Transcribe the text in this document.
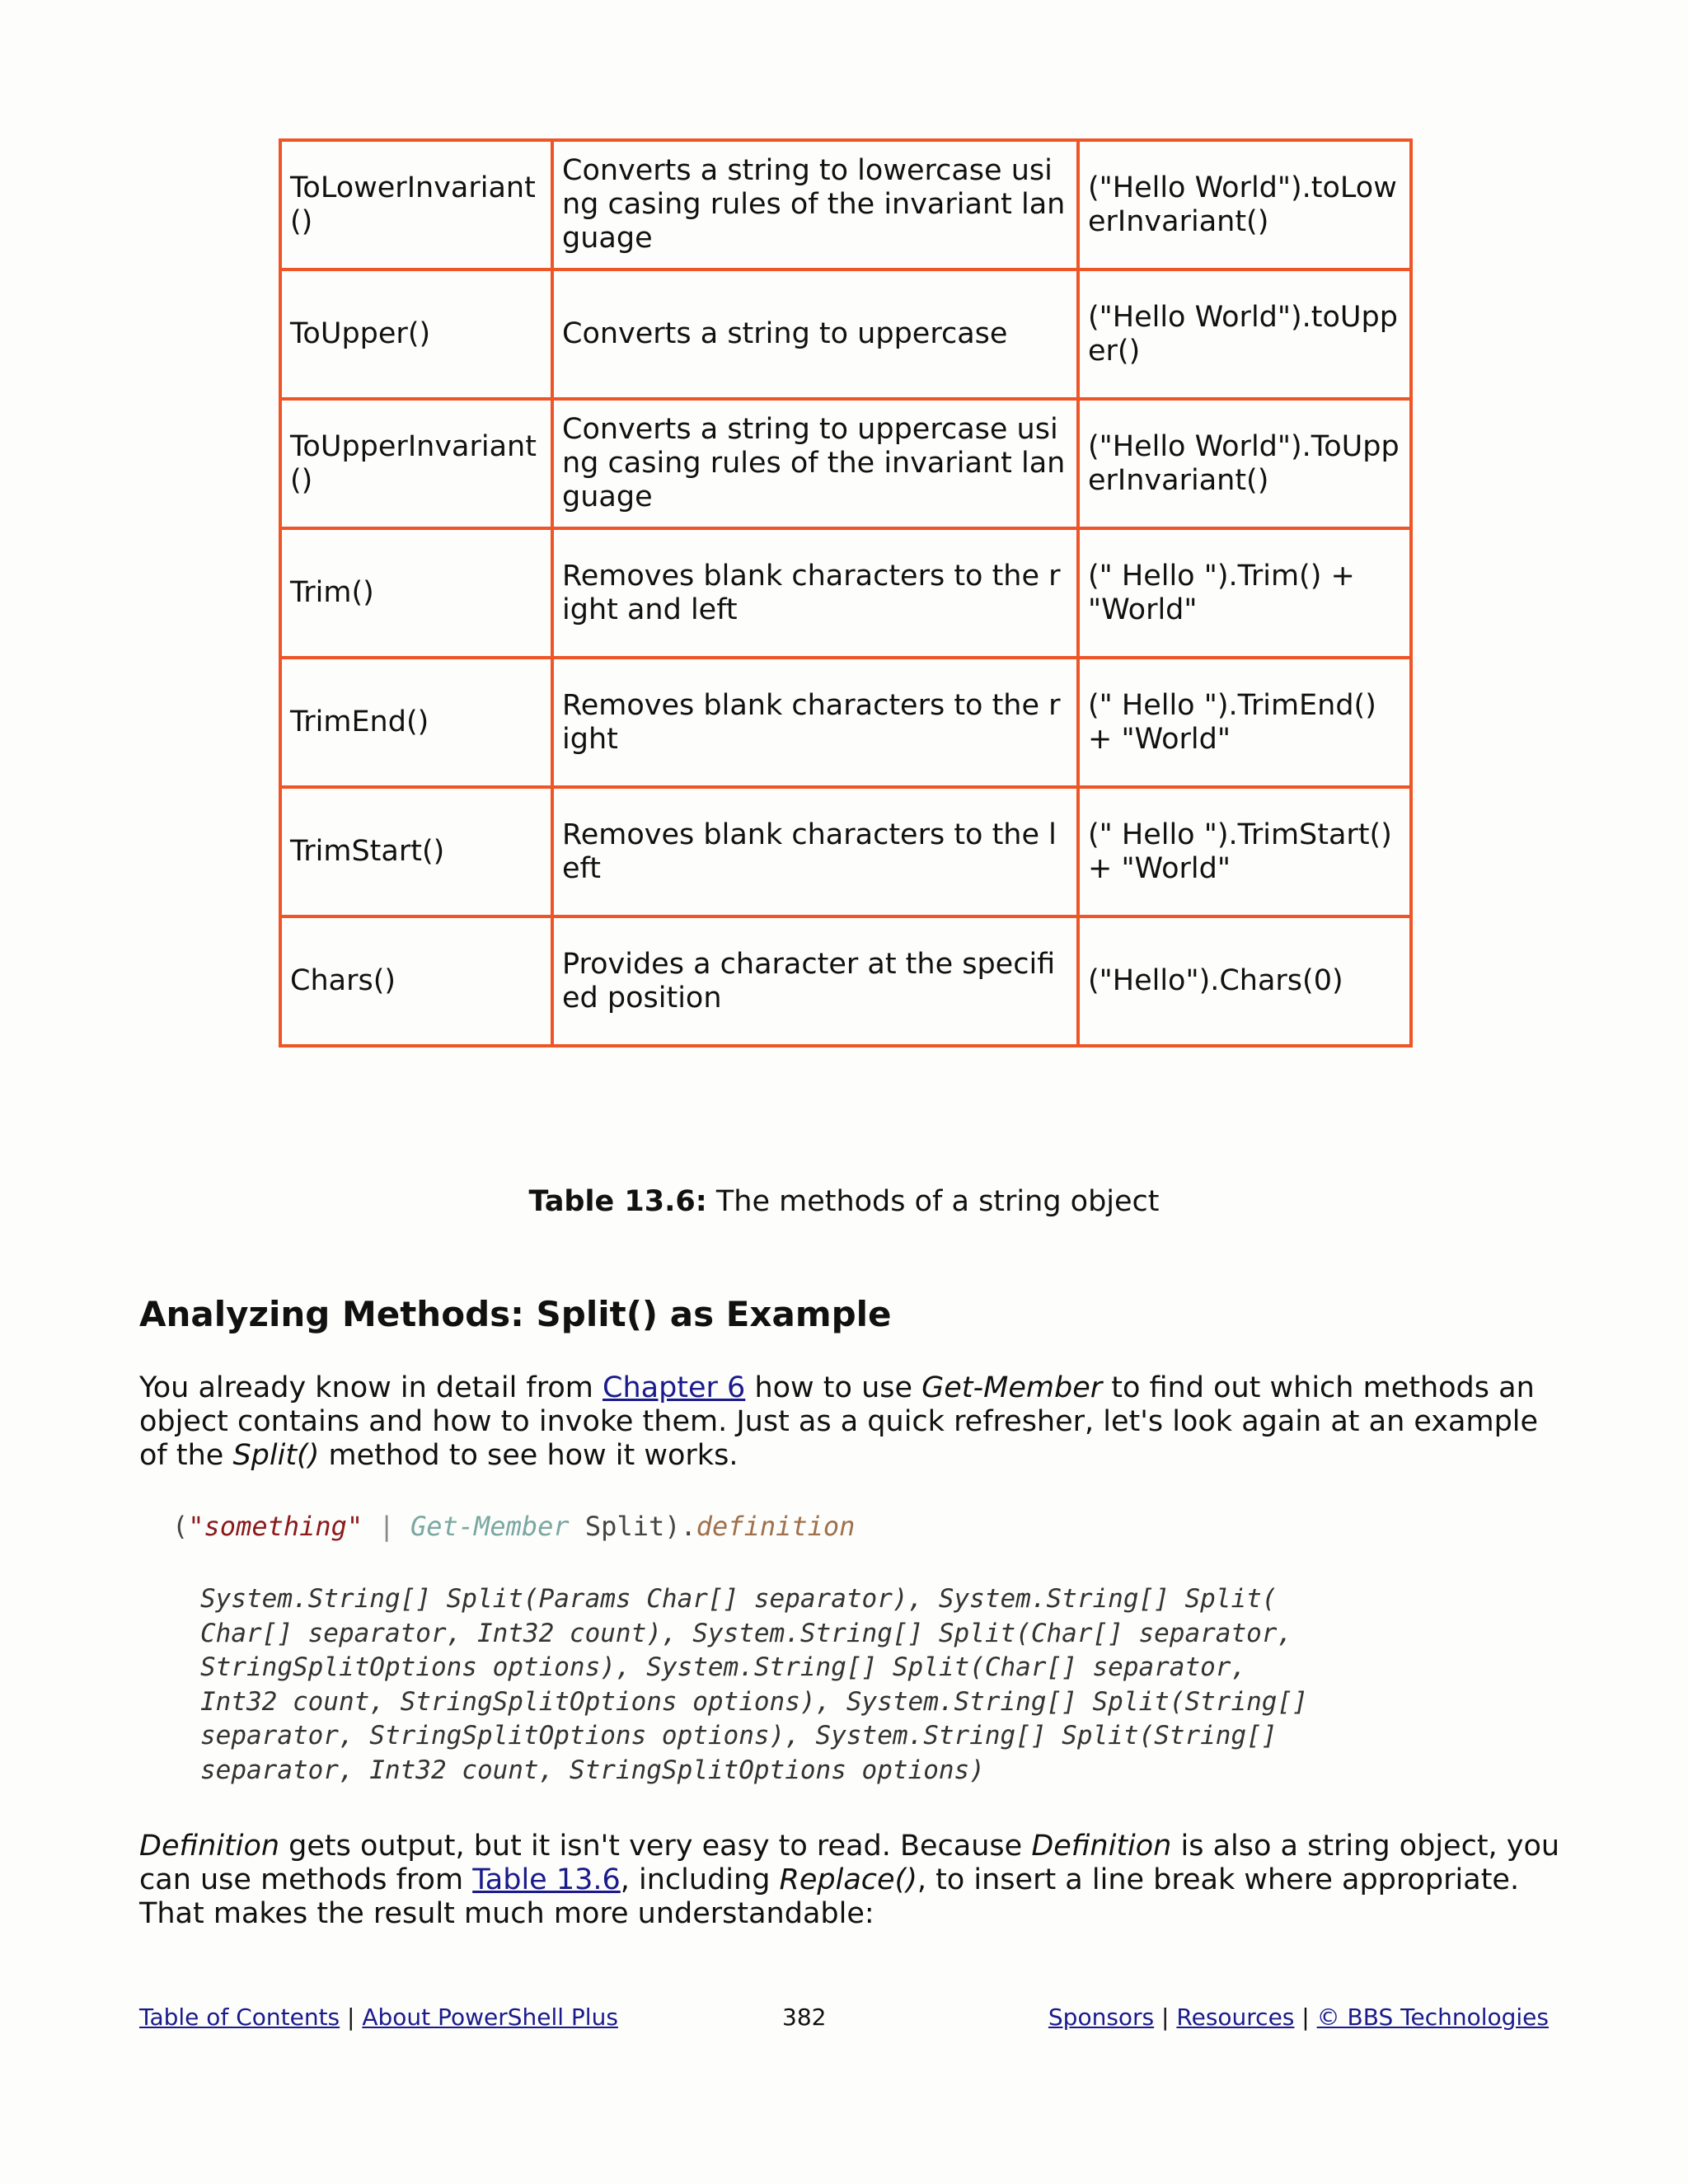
ToLowerInvariant ()	Converts a string to lowercase using casing rules of the invariant language	("Hello World").toLowerInvariant()
ToUpper()	Converts a string to uppercase	("Hello World").toUpper()
ToUpperInvariant ()	Converts a string to uppercase using casing rules of the invariant language	("Hello World").ToUpperInvariant()
Trim()	Removes blank characters to the right and left	(" Hello ").Trim() + "World"
TrimEnd()	Removes blank characters to the right	(" Hello ").TrimEnd() + "World"
TrimStart()	Removes blank characters to the left	(" Hello ").TrimStart() + "World"
Chars()	Provides a character at the specified position	("Hello").Chars(0)
Table 13.6: The methods of a string object
Analyzing Methods: Split() as Example

You already know in detail from Chapter 6 how to use Get-Member to find out which methods an object contains and how to invoke them. Just as a quick refresher, let's look again at an example of the Split() method to see how it works.

("something" | Get-Member Split).definition
System.String[] Split(Params Char[] separator), System.String[] Split(
Char[] separator, Int32 count), System.String[] Split(Char[] separator,
StringSplitOptions options), System.String[] Split(Char[] separator,
Int32 count, StringSplitOptions options), System.String[] Split(String[]
separator, StringSplitOptions options), System.String[] Split(String[]
separator, Int32 count, StringSplitOptions options)

Definition gets output, but it isn't very easy to read. Because Definition is also a string object, you can use methods from Table 13.6, including Replace(), to insert a line break where appropriate. That makes the result much more understandable:

Table of Contents | About PowerShell Plus	382	Sponsors | Resources | © BBS Technologies
